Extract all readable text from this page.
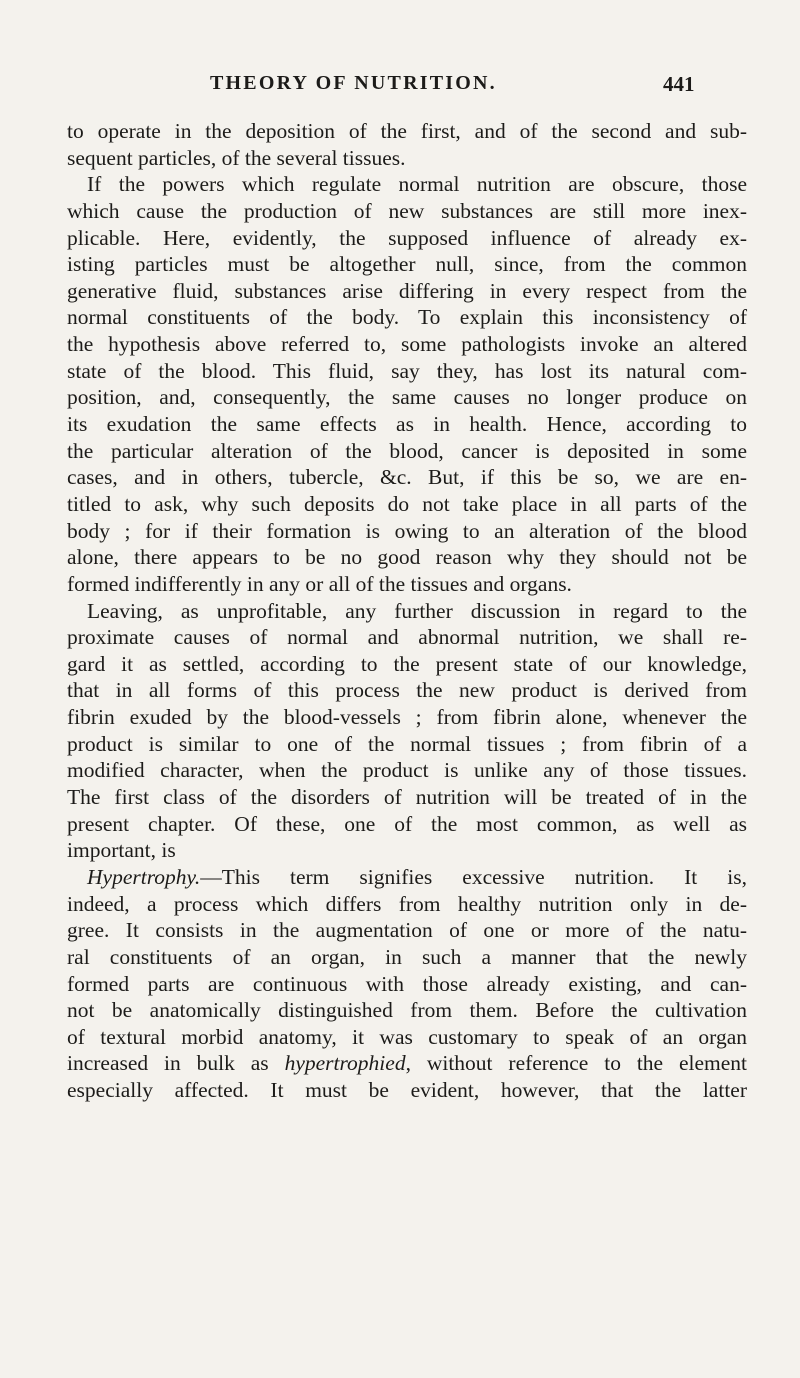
THEORY OF NUTRITION.	441
to operate in the deposition of the first, and of the second and sub-
sequent particles, of the several tissues.
If the powers which regulate normal nutrition are obscure, those
which cause the production of new substances are still more inex-
plicable. Here, evidently, the supposed influence of already ex-
isting particles must be altogether null, since, from the common
generative fluid, substances arise differing in every respect from the
normal constituents of the body. To explain this inconsistency of
the hypothesis above referred to, some pathologists invoke an altered
state of the blood. This fluid, say they, has lost its natural com-
position, and, consequently, the same causes no longer produce on
its exudation the same effects as in health. Hence, according to
the particular alteration of the blood, cancer is deposited in some
cases, and in others, tubercle, &c. But, if this be so, we are en-
titled to ask, why such deposits do not take place in all parts of the
body ; for if their formation is owing to an alteration of the blood
alone, there appears to be no good reason why they should not be
formed indifferently in any or all of the tissues and organs.
Leaving, as unprofitable, any further discussion in regard to the
proximate causes of normal and abnormal nutrition, we shall re-
gard it as settled, according to the present state of our knowledge,
that in all forms of this process the new product is derived from
fibrin exuded by the blood-vessels ; from fibrin alone, whenever the
product is similar to one of the normal tissues ; from fibrin of a
modified character, when the product is unlike any of those tissues.
The first class of the disorders of nutrition will be treated of in the
present chapter. Of these, one of the most common, as well as
important, is
Hypertrophy.—This term signifies excessive nutrition. It is,
indeed, a process which differs from healthy nutrition only in de-
gree. It consists in the augmentation of one or more of the natu-
ral constituents of an organ, in such a manner that the newly
formed parts are continuous with those already existing, and can-
not be anatomically distinguished from them. Before the cultivation
of textural morbid anatomy, it was customary to speak of an organ
increased in bulk as hypertrophied, without reference to the element
especially affected. It must be evident, however, that the latter
